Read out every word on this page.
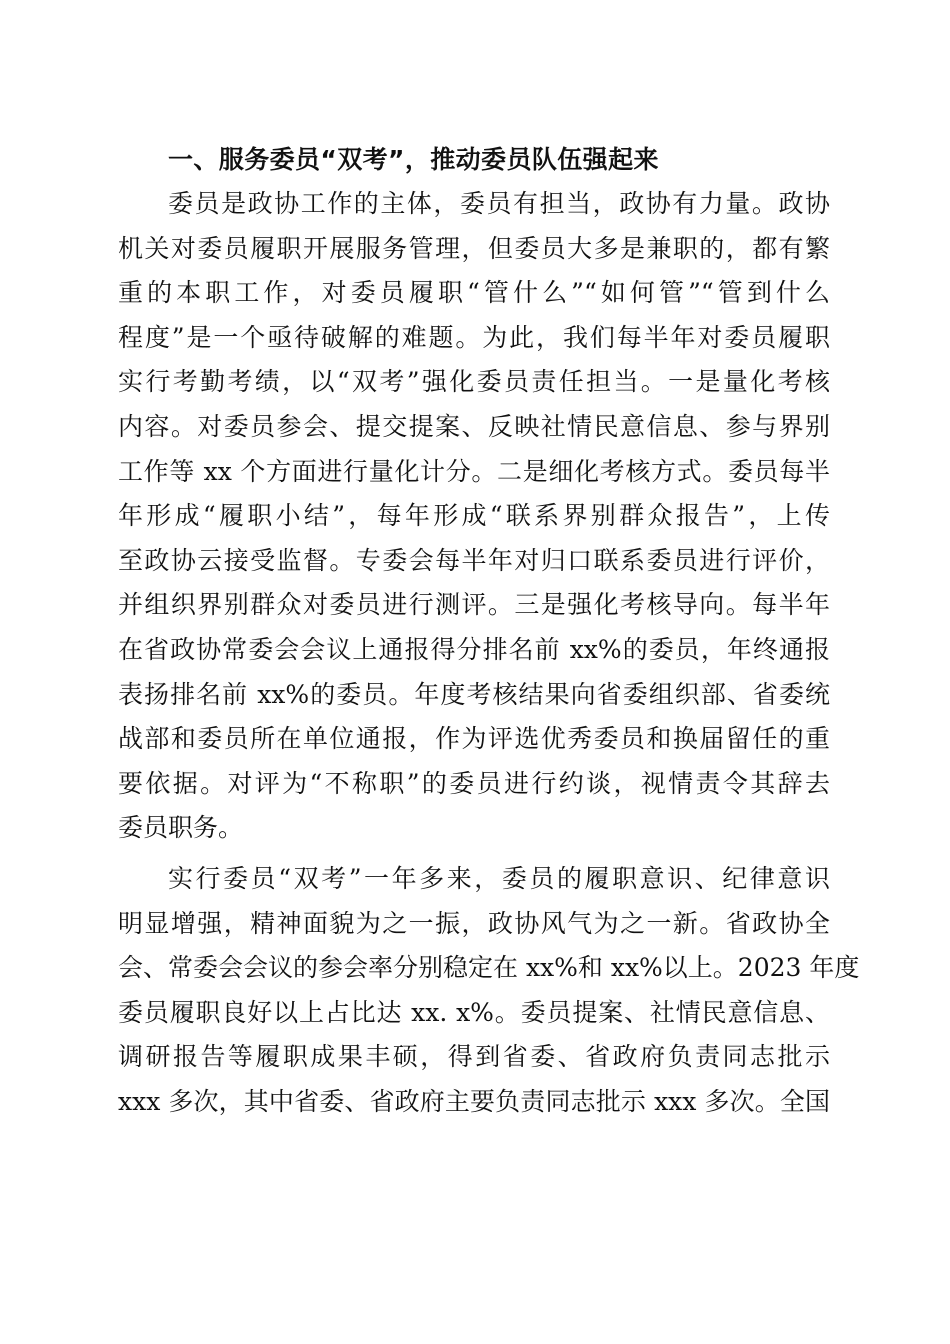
一、服务委员“双考”，推动委员队伍强起来

委员是政协工作的主体，委员有担当，政协有力量。政协
机关对委员履职开展服务管理，但委员大多是兼职的，都有繁
重的本职工作，对委员履职“管什么”“如何管”“管到什么
程度”是一个亟待破解的难题。为此，我们每半年对委员履职
实行考勤考绩，以“双考”强化委员责任担当。一是量化考核
内容。对委员参会、提交提案、反映社情民意信息、参与界别
工作等 xx 个方面进行量化计分。二是细化考核方式。委员每半
年形成“履职小结”，每年形成“联系界别群众报告”，上传
至政协云接受监督。专委会每半年对归口联系委员进行评价，
并组织界别群众对委员进行测评。三是强化考核导向。每半年
在省政协常委会会议上通报得分排名前 xx%的委员，年终通报
表扬排名前 xx%的委员。年度考核结果向省委组织部、省委统
战部和委员所在单位通报，作为评选优秀委员和换届留任的重
要依据。对评为“不称职”的委员进行约谈，视情责令其辞去
委员职务。

实行委员“双考”一年多来，委员的履职意识、纪律意识
明显增强，精神面貌为之一振，政协风气为之一新。省政协全
会、常委会会议的参会率分别稳定在 xx%和 xx%以上。2023 年度
委员履职良好以上占比达 xx. x%。委员提案、社情民意信息、
调研报告等履职成果丰硕，得到省委、省政府负责同志批示
xxx 多次，其中省委、省政府主要负责同志批示 xxx 多次。全国
